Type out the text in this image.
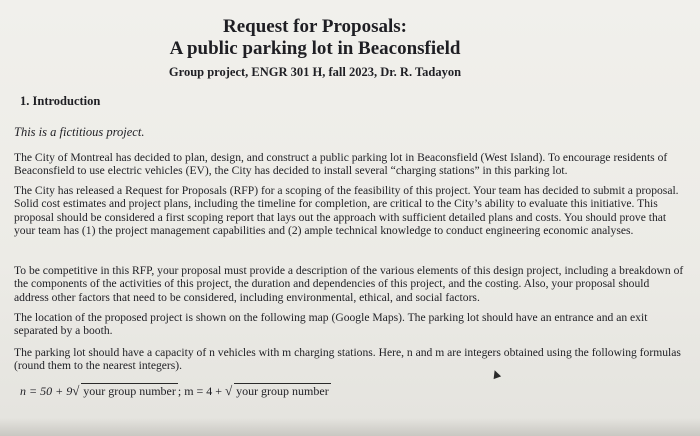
Request for Proposals:
A public parking lot in Beaconsfield
Group project, ENGR 301 H, fall 2023, Dr. R. Tadayon
1. Introduction
This is a fictitious project.
The City of Montreal has decided to plan, design, and construct a public parking lot in Beaconsfield (West Island). To encourage residents of Beaconsfield to use electric vehicles (EV), the City has decided to install several “charging stations” in this parking lot.
The City has released a Request for Proposals (RFP) for a scoping of the feasibility of this project. Your team has decided to submit a proposal. Solid cost estimates and project plans, including the timeline for completion, are critical to the City’s ability to evaluate this initiative. This proposal should be considered a first scoping report that lays out the approach with sufficient detailed plans and costs. You should prove that your team has (1) the project management capabilities and (2) ample technical knowledge to conduct engineering economic analyses.
To be competitive in this RFP, your proposal must provide a description of the various elements of this design project, including a breakdown of the components of the activities of this project, the duration and dependencies of this project, and the costing. Also, your proposal should address other factors that need to be considered, including environmental, ethical, and social factors.
The location of the proposed project is shown on the following map (Google Maps). The parking lot should have an entrance and an exit separated by a booth.
The parking lot should have a capacity of n vehicles with m charging stations. Here, n and m are integers obtained using the following formulas (round them to the nearest integers).
n = 50 + 9√ your group number ; m = 4 + √ your group number
